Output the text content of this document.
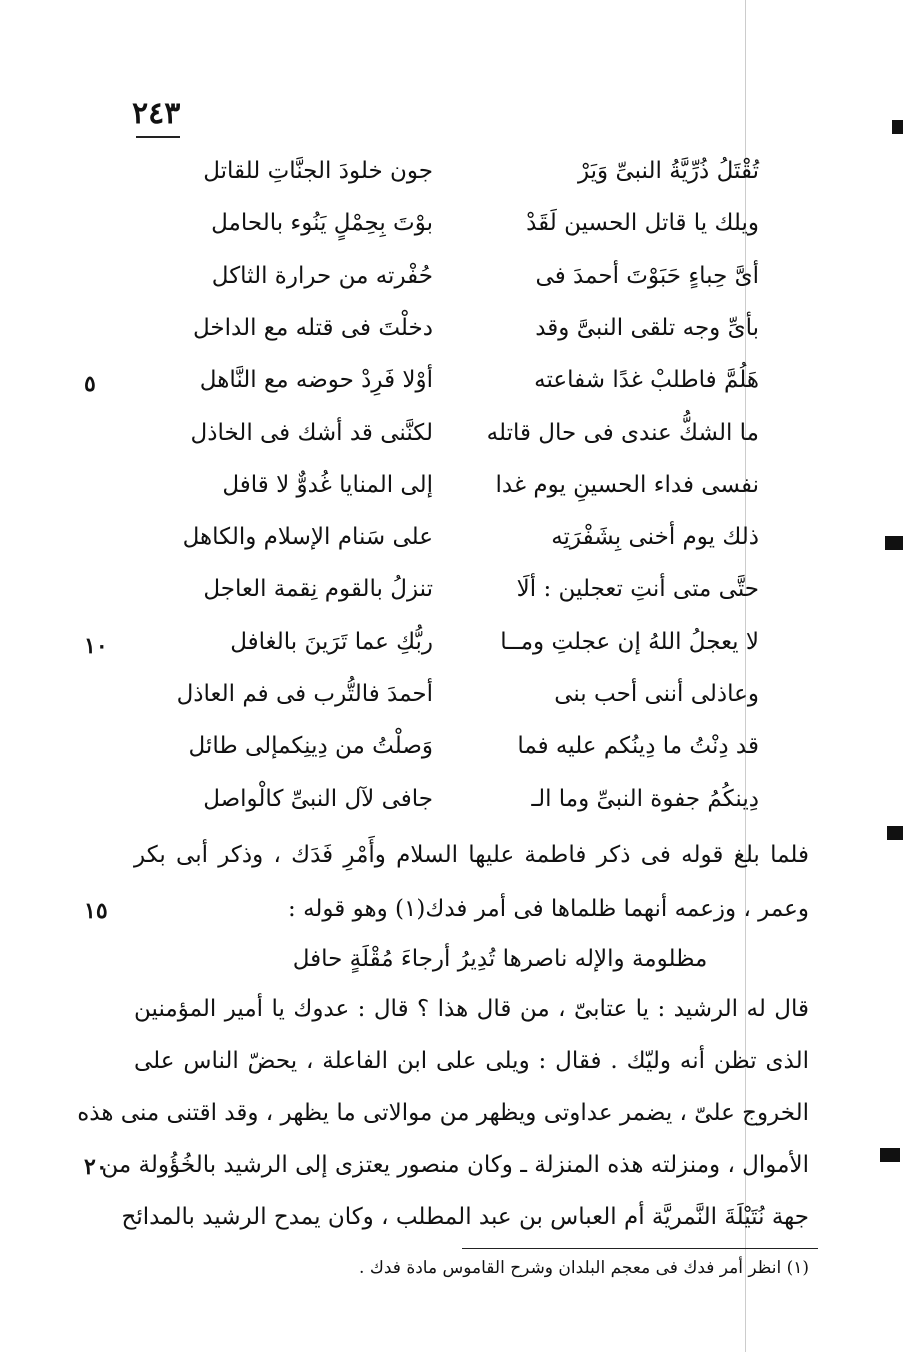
٢٤٣
تُقْتَلُ ذُرِّيَّةُ النبىِّ وَيَرْ
جون خلودَ الجنَّاتِ للقاتل
ويلك يا قاتل الحسين لَقَدْ
بوْتَ بِحِمْلٍ يَنُوء بالحامل
أىَّ حِباءٍ حَبَوْتَ أحمدَ فى
حُفْرته من حرارة الثاكل
بأىِّ وجه تلقى النبىَّ وقد
دخلْتَ فى قتله مع الداخل
هَلُمَّ فاطلبْ غدًا شفاعته
أوْلا فَرِدْ حوضه مع النَّاهل
٥
ما الشكُّ عندى فى حال قاتله
لكنَّنى قد أشك فى الخاذل
نفسى فداء الحسينِ يوم غدا
إلى المنايا غُدوٌّ لا قافل
ذلك يوم أخنى بِشَفْرَتِه
على سَنام الإسلام والكاهل
حتَّى متى أنتِ تعجلين : ألَا
تنزلُ بالقوم نِقمة العاجل
لا يعجلُ اللهُ إن عجلتِ ومــا
ربُّكِ عما تَرَينَ بالغافل
١٠
وعاذلى أننى أحب بنى
أحمدَ فالتُّرب فى فم العاذل
قد دِنْتُ ما دِينُكم عليه فما
وَصلْتُ من دِينِكمإلى طائل
دِينكُمُ جفوة النبىِّ وما الـ
جافى لآل النبىِّ كالْواصل
فلما بلغ قوله فى ذكر فاطمة عليها السلام وأَمْرِ فَدَك ، وذكر أبى بكر
وعمر ، وزعمه أنهما ظلماها فى أمر فدك(١) وهو قوله :
١٥
مظلومة والإله ناصرها تُدِيرُ أرجاءَ مُقْلَةٍ حافل
قال له الرشيد : يا عتابىّ ، من قال هذا ؟ قال : عدوك يا أمير المؤمنين
الذى تظن أنه وليّك . فقال : ويلى على ابن الفاعلة ، يحضّ الناس على
الخروج علىّ ، يضمر عداوتى ويظهر من موالاتى ما يظهر ، وقد اقتنى منى هذه
الأموال ، ومنزلته هذه المنزلة ـ وكان منصور يعتزى إلى الرشيد بالخُؤُولة من
٢٠
جهة نُتَيْلَةَ النَّمريَّة أم العباس بن عبد المطلب ، وكان يمدح الرشيد بالمدائح
(١) انظر أمر فدك فى معجم البلدان وشرح القاموس مادة فدك .
